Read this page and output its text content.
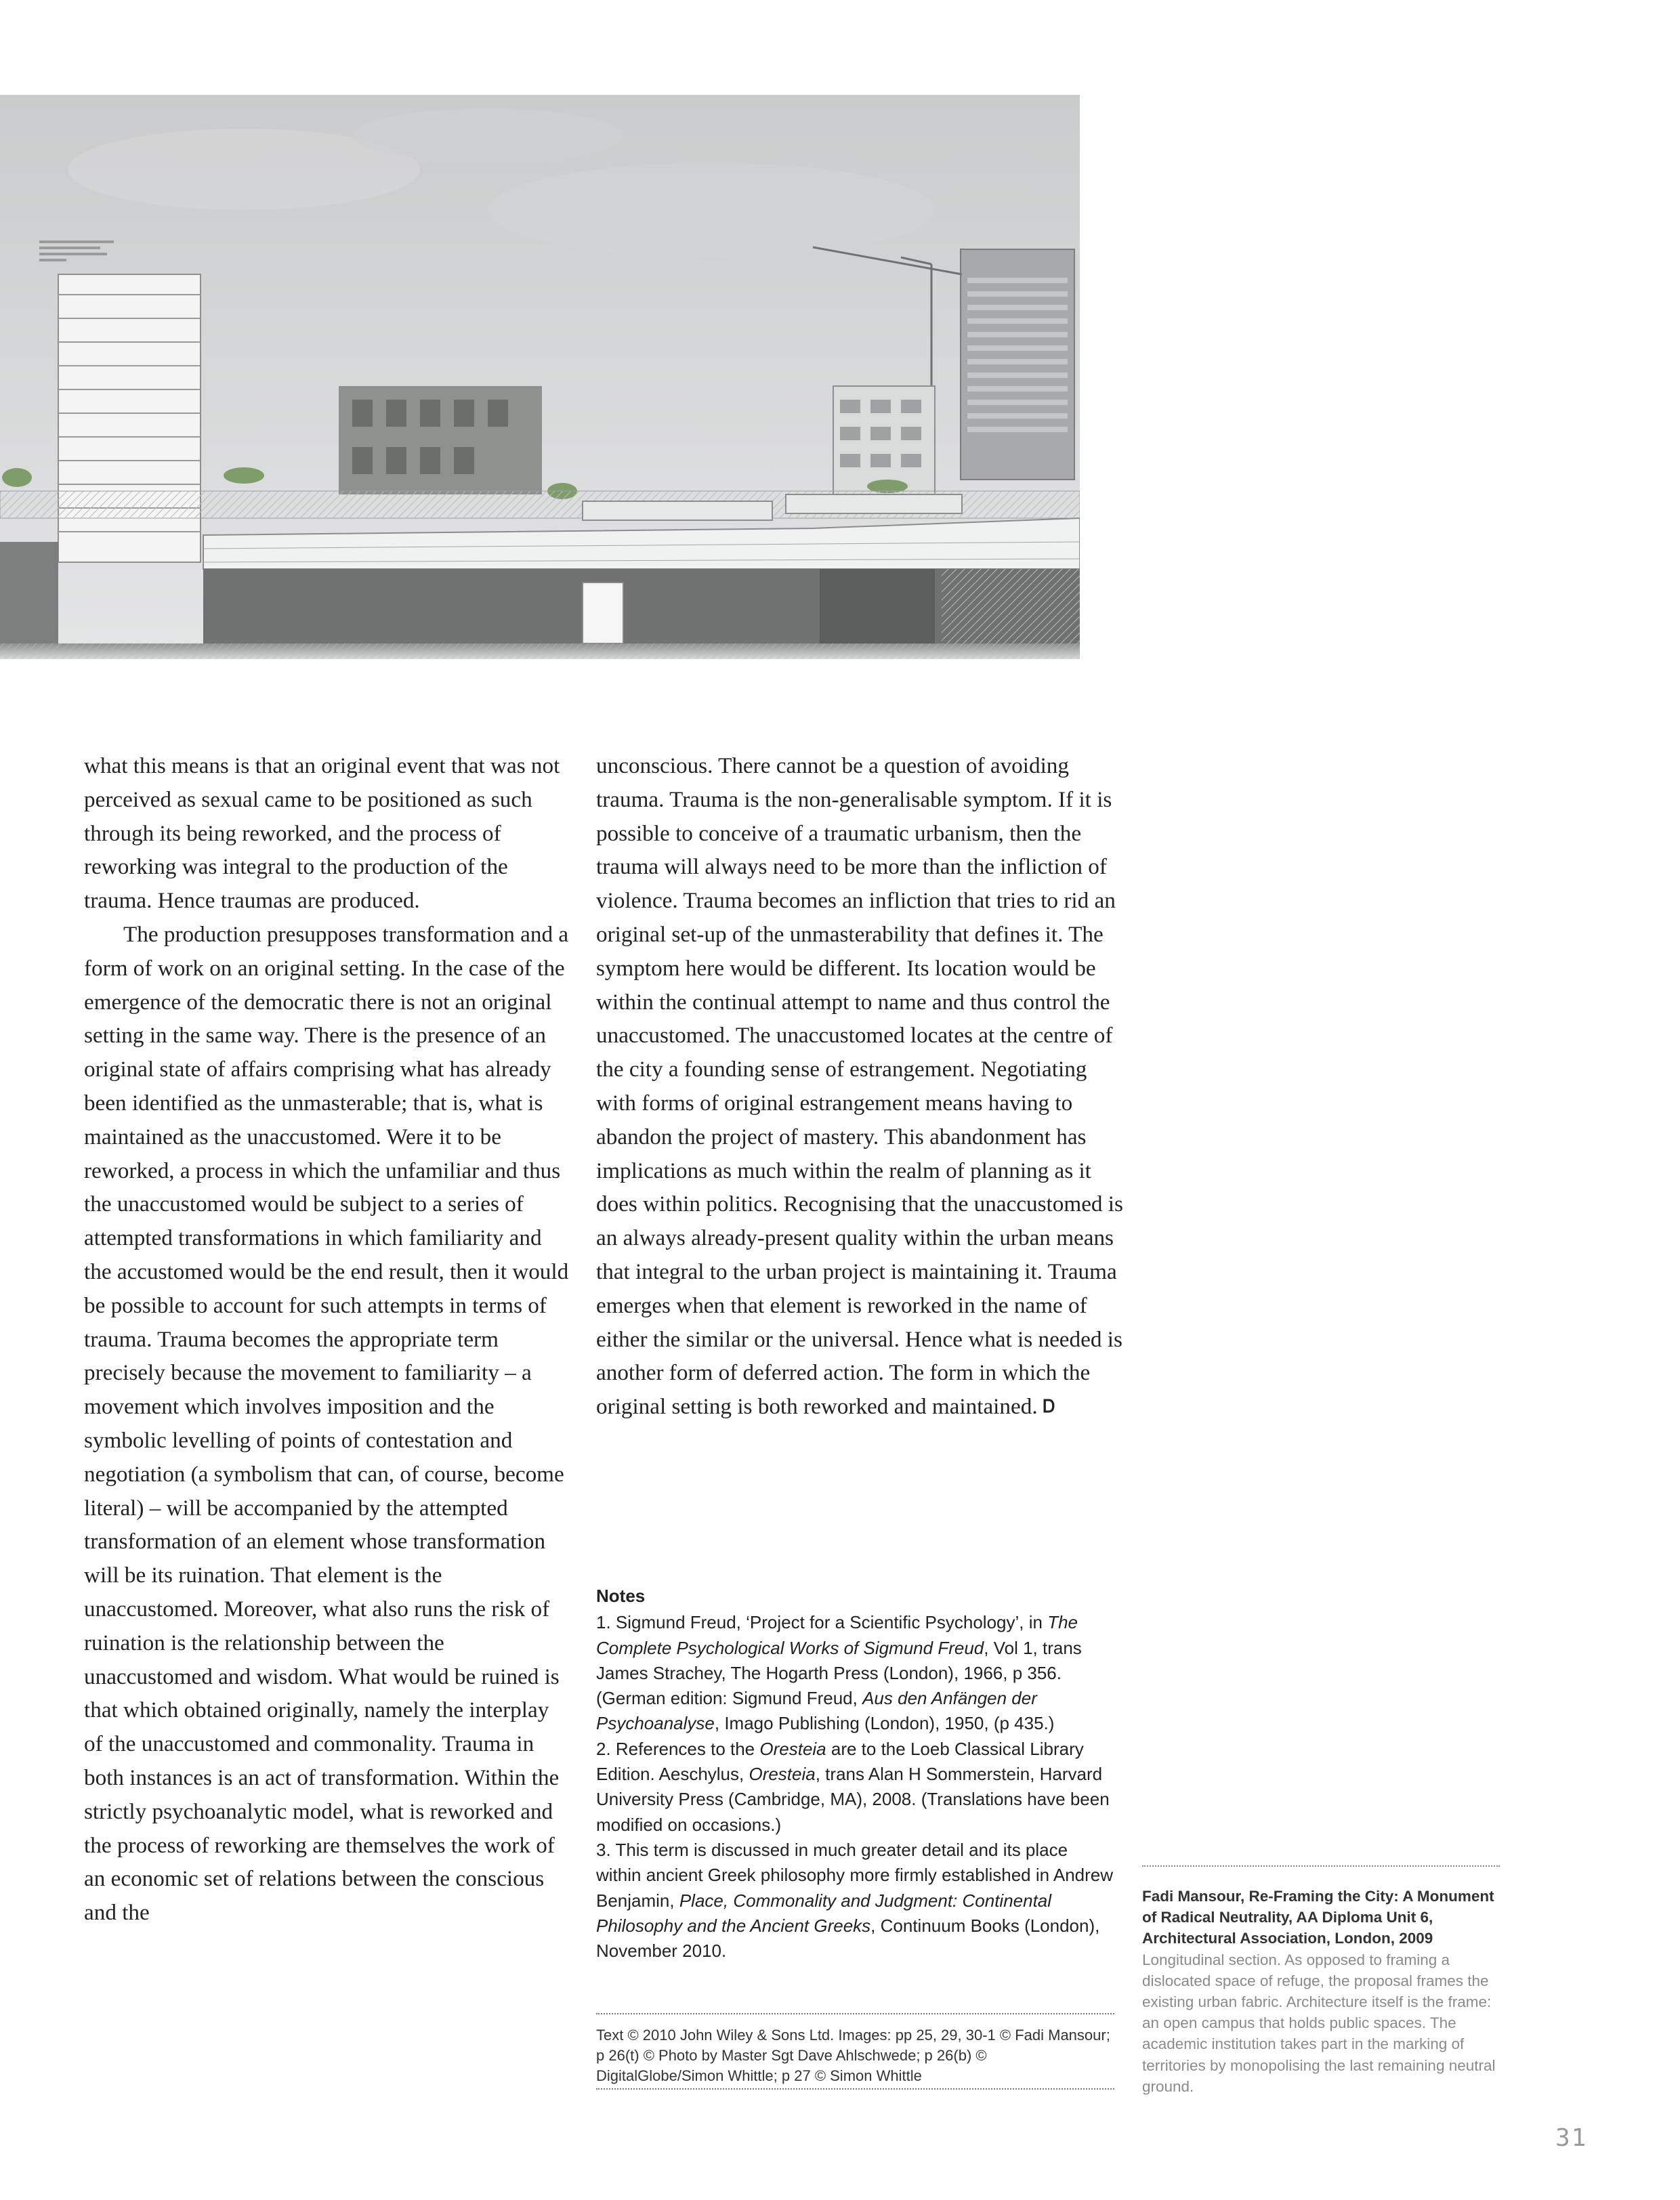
what this means is that an original event that was not perceived as sexual came to be positioned as such through its being reworked, and the process of reworking was integral to the production of the trauma. Hence traumas are produced.

The production presupposes transformation and a form of work on an original setting. In the case of the emergence of the democratic there is not an original setting in the same way. There is the presence of an original state of affairs comprising what has already been identified as the unmasterable; that is, what is maintained as the unaccustomed. Were it to be reworked, a process in which the unfamiliar and thus the unaccustomed would be subject to a series of attempted transformations in which familiarity and the accustomed would be the end result, then it would be possible to account for such attempts in terms of trauma. Trauma becomes the appropriate term precisely because the movement to familiarity – a movement which involves imposition and the symbolic levelling of points of contestation and negotiation (a symbolism that can, of course, become literal) – will be accompanied by the attempted transformation of an element whose transformation will be its ruination. That element is the unaccustomed. Moreover, what also runs the risk of ruination is the relationship between the unaccustomed and wisdom. What would be ruined is that which obtained originally, namely the interplay of the unaccustomed and commonality. Trauma in both instances is an act of transformation. Within the strictly psychoanalytic model, what is reworked and the process of reworking are themselves the work of an economic set of relations between the conscious and the

unconscious. There cannot be a question of avoiding trauma. Trauma is the non-generalisable symptom. If it is possible to conceive of a traumatic urbanism, then the trauma will always need to be more than the infliction of violence. Trauma becomes an infliction that tries to rid an original set-up of the unmasterability that defines it. The symptom here would be different. Its location would be within the continual attempt to name and thus control the unaccustomed. The unaccustomed locates at the centre of the city a founding sense of estrangement. Negotiating with forms of original estrangement means having to abandon the project of mastery. This abandonment has implications as much within the realm of planning as it does within politics. Recognising that the unaccustomed is an always already-present quality within the urban means that integral to the urban project is maintaining it. Trauma emerges when that element is reworked in the name of either the similar or the universal. Hence what is needed is another form of deferred action. The form in which the original setting is both reworked and maintained. Ꭰ

Notes

1. Sigmund Freud, ‘Project for a Scientific Psychology’, in The Complete Psychological Works of Sigmund Freud, Vol 1, trans James Strachey, The Hogarth Press (London), 1966, p 356. (German edition: Sigmund Freud, Aus den Anfängen der Psychoanalyse, Imago Publishing (London), 1950, (p 435.)

2. References to the Oresteia are to the Loeb Classical Library Edition. Aeschylus, Oresteia, trans Alan H Sommerstein, Harvard University Press (Cambridge, MA), 2008. (Translations have been modified on occasions.)

3. This term is discussed in much greater detail and its place within ancient Greek philosophy more firmly established in Andrew Benjamin, Place, Commonality and Judgment: Continental Philosophy and the Ancient Greeks, Continuum Books (London), November 2010.

Text © 2010 John Wiley & Sons Ltd. Images: pp 25, 29, 30-1 © Fadi Mansour; p 26(t) © Photo by Master Sgt Dave Ahlschwede; p 26(b) © DigitalGlobe/Simon Whittle; p 27 © Simon Whittle
Fadi Mansour, Re-Framing the City: A Monument of Radical Neutrality, AA Diploma Unit 6, Architectural Association, London, 2009
Longitudinal section. As opposed to framing a dislocated space of refuge, the proposal frames the existing urban fabric. Architecture itself is the frame: an open campus that holds public spaces. The academic institution takes part in the marking of territories by monopolising the last remaining neutral ground.
31
